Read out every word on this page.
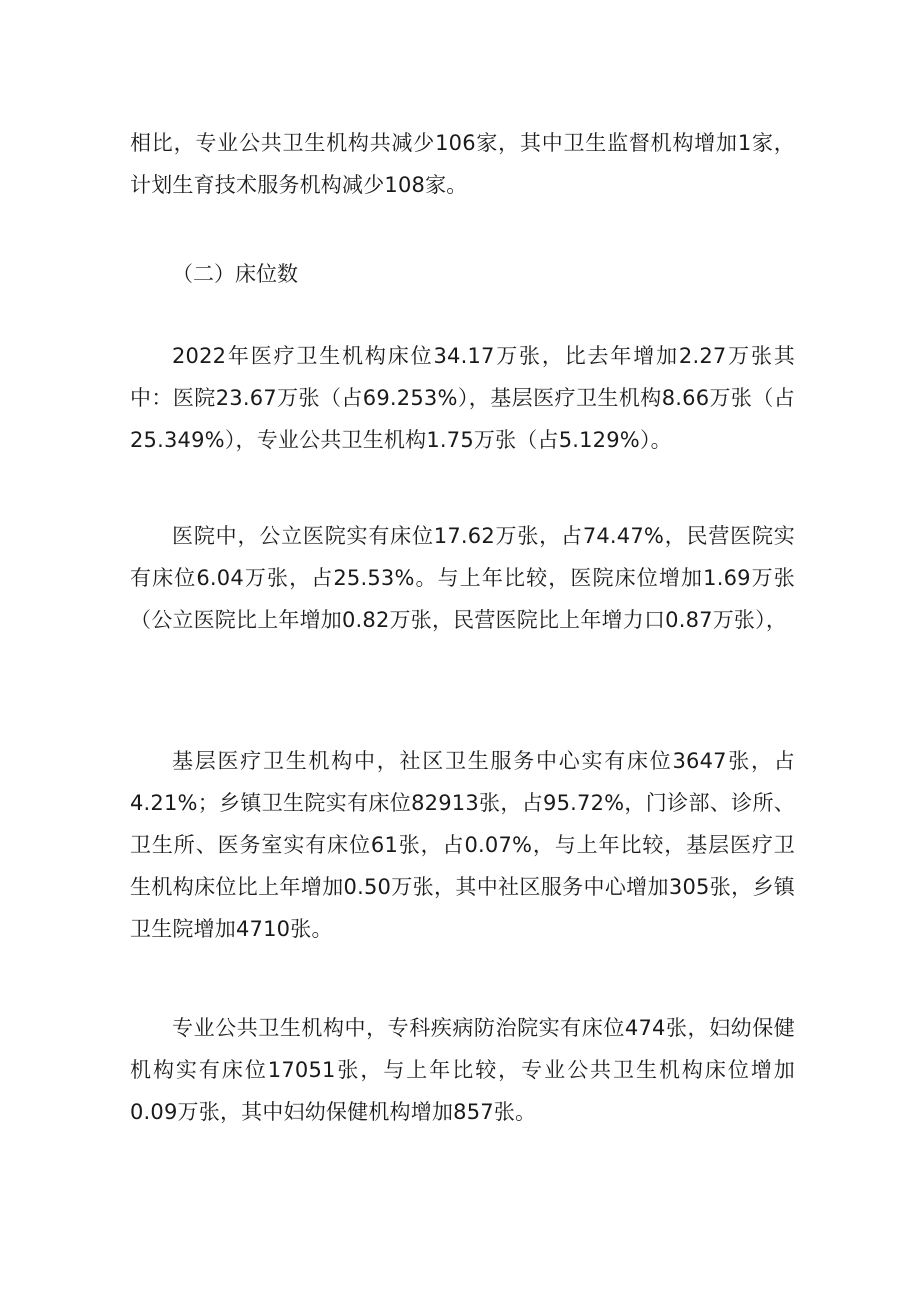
相比，专业公共卫生机构共减少106家，其中卫生监督机构增加1家，计划生育技术服务机构减少108家。

（二）床位数

2022年医疗卫生机构床位34.17万张，比去年增加2.27万张其中：医院23.67万张（占69.253%），基层医疗卫生机构8.66万张（占25.349%），专业公共卫生机构1.75万张（占5.129%）。

医院中，公立医院实有床位17.62万张，占74.47%，民营医院实有床位6.04万张，占25.53%。与上年比较，医院床位增加1.69万张（公立医院比上年增加0.82万张，民营医院比上年增力口0.87万张），

基层医疗卫生机构中，社区卫生服务中心实有床位3647张，占4.21%；乡镇卫生院实有床位82913张，占95.72%，门诊部、诊所、卫生所、医务室实有床位61张，占0.07%，与上年比较，基层医疗卫生机构床位比上年增加0.50万张，其中社区服务中心增加305张，乡镇卫生院增加4710张。

专业公共卫生机构中，专科疾病防治院实有床位474张，妇幼保健机构实有床位17051张，与上年比较，专业公共卫生机构床位增加0.09万张，其中妇幼保健机构增加857张。
